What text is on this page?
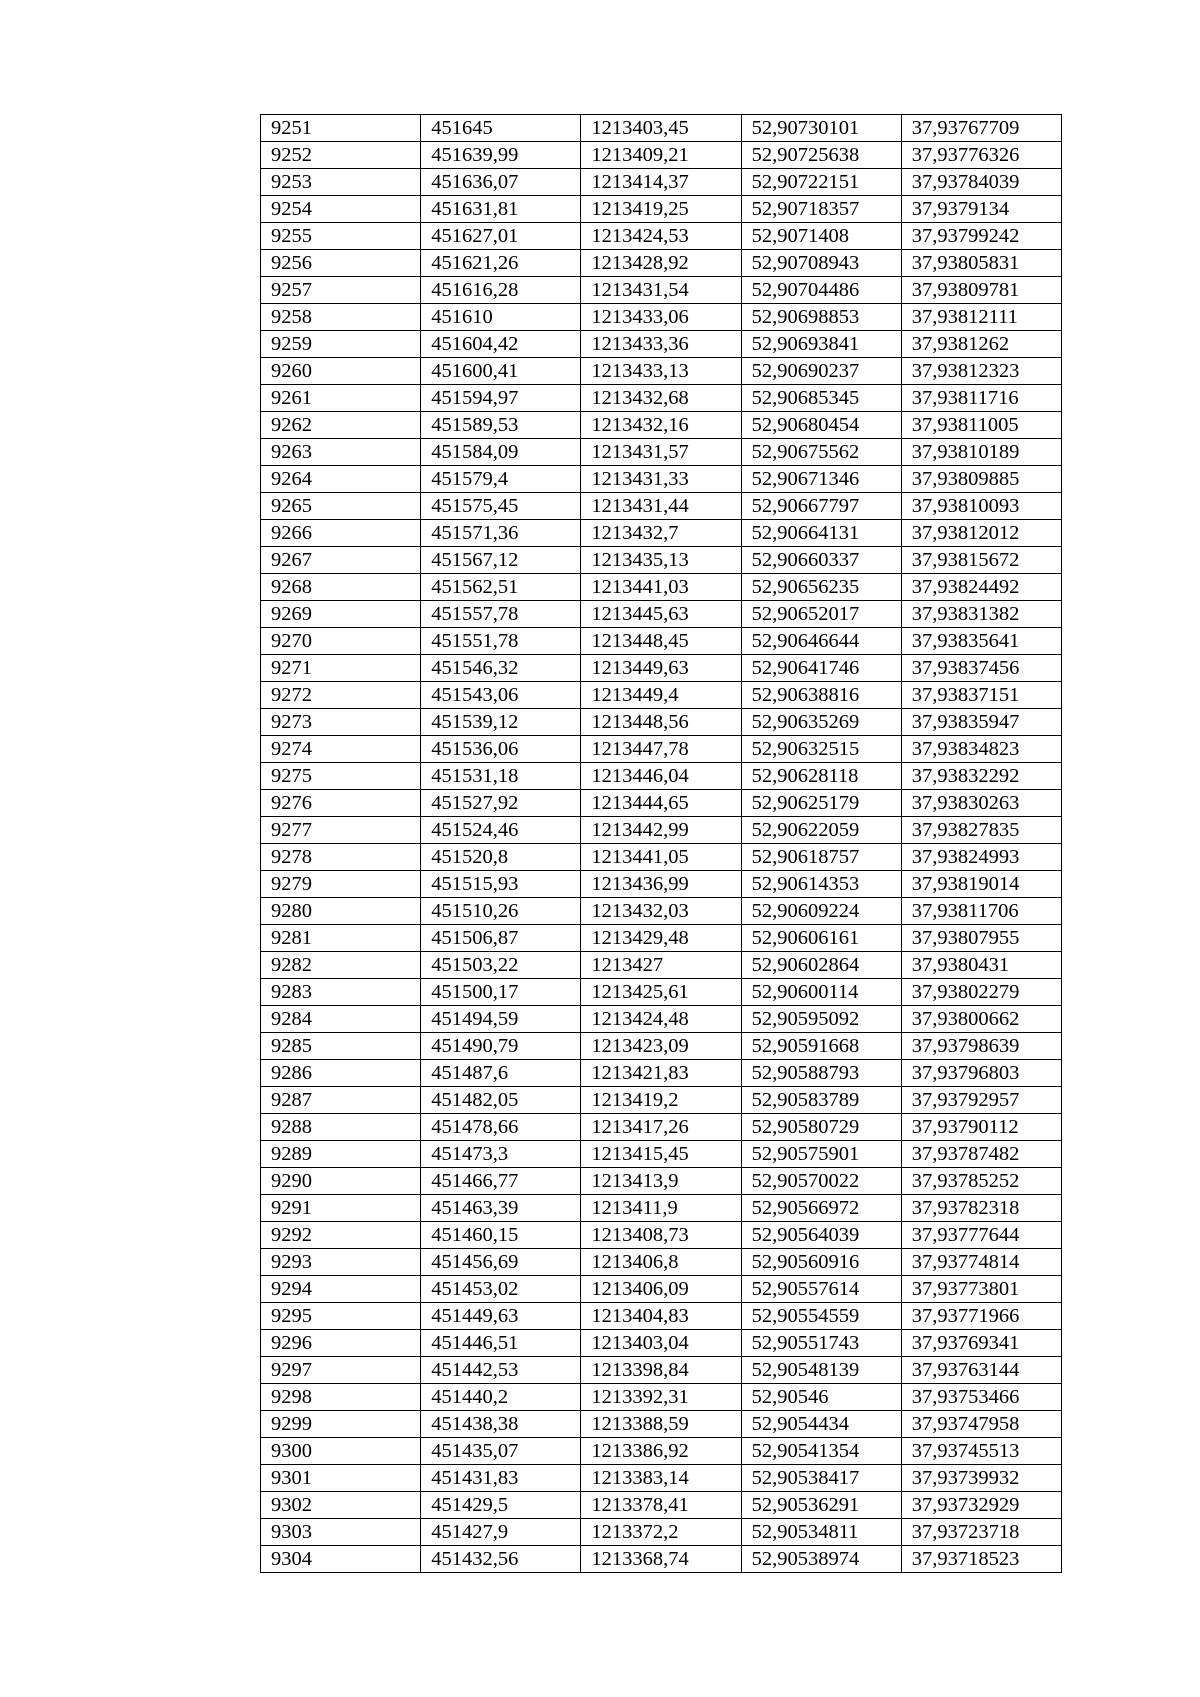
9251	451645	1213403,45	52,90730101	37,93767709
9252	451639,99	1213409,21	52,90725638	37,93776326
9253	451636,07	1213414,37	52,90722151	37,93784039
9254	451631,81	1213419,25	52,90718357	37,9379134
9255	451627,01	1213424,53	52,9071408	37,93799242
9256	451621,26	1213428,92	52,90708943	37,93805831
9257	451616,28	1213431,54	52,90704486	37,93809781
9258	451610	1213433,06	52,90698853	37,93812111
9259	451604,42	1213433,36	52,90693841	37,9381262
9260	451600,41	1213433,13	52,90690237	37,93812323
9261	451594,97	1213432,68	52,90685345	37,93811716
9262	451589,53	1213432,16	52,90680454	37,93811005
9263	451584,09	1213431,57	52,90675562	37,93810189
9264	451579,4	1213431,33	52,90671346	37,93809885
9265	451575,45	1213431,44	52,90667797	37,93810093
9266	451571,36	1213432,7	52,90664131	37,93812012
9267	451567,12	1213435,13	52,90660337	37,93815672
9268	451562,51	1213441,03	52,90656235	37,93824492
9269	451557,78	1213445,63	52,90652017	37,93831382
9270	451551,78	1213448,45	52,90646644	37,93835641
9271	451546,32	1213449,63	52,90641746	37,93837456
9272	451543,06	1213449,4	52,90638816	37,93837151
9273	451539,12	1213448,56	52,90635269	37,93835947
9274	451536,06	1213447,78	52,90632515	37,93834823
9275	451531,18	1213446,04	52,90628118	37,93832292
9276	451527,92	1213444,65	52,90625179	37,93830263
9277	451524,46	1213442,99	52,90622059	37,93827835
9278	451520,8	1213441,05	52,90618757	37,93824993
9279	451515,93	1213436,99	52,90614353	37,93819014
9280	451510,26	1213432,03	52,90609224	37,93811706
9281	451506,87	1213429,48	52,90606161	37,93807955
9282	451503,22	1213427	52,90602864	37,9380431
9283	451500,17	1213425,61	52,90600114	37,93802279
9284	451494,59	1213424,48	52,90595092	37,93800662
9285	451490,79	1213423,09	52,90591668	37,93798639
9286	451487,6	1213421,83	52,90588793	37,93796803
9287	451482,05	1213419,2	52,90583789	37,93792957
9288	451478,66	1213417,26	52,90580729	37,93790112
9289	451473,3	1213415,45	52,90575901	37,93787482
9290	451466,77	1213413,9	52,90570022	37,93785252
9291	451463,39	1213411,9	52,90566972	37,93782318
9292	451460,15	1213408,73	52,90564039	37,93777644
9293	451456,69	1213406,8	52,90560916	37,93774814
9294	451453,02	1213406,09	52,90557614	37,93773801
9295	451449,63	1213404,83	52,90554559	37,93771966
9296	451446,51	1213403,04	52,90551743	37,93769341
9297	451442,53	1213398,84	52,90548139	37,93763144
9298	451440,2	1213392,31	52,90546	37,93753466
9299	451438,38	1213388,59	52,9054434	37,93747958
9300	451435,07	1213386,92	52,90541354	37,93745513
9301	451431,83	1213383,14	52,90538417	37,93739932
9302	451429,5	1213378,41	52,90536291	37,93732929
9303	451427,9	1213372,2	52,90534811	37,93723718
9304	451432,56	1213368,74	52,90538974	37,93718523
